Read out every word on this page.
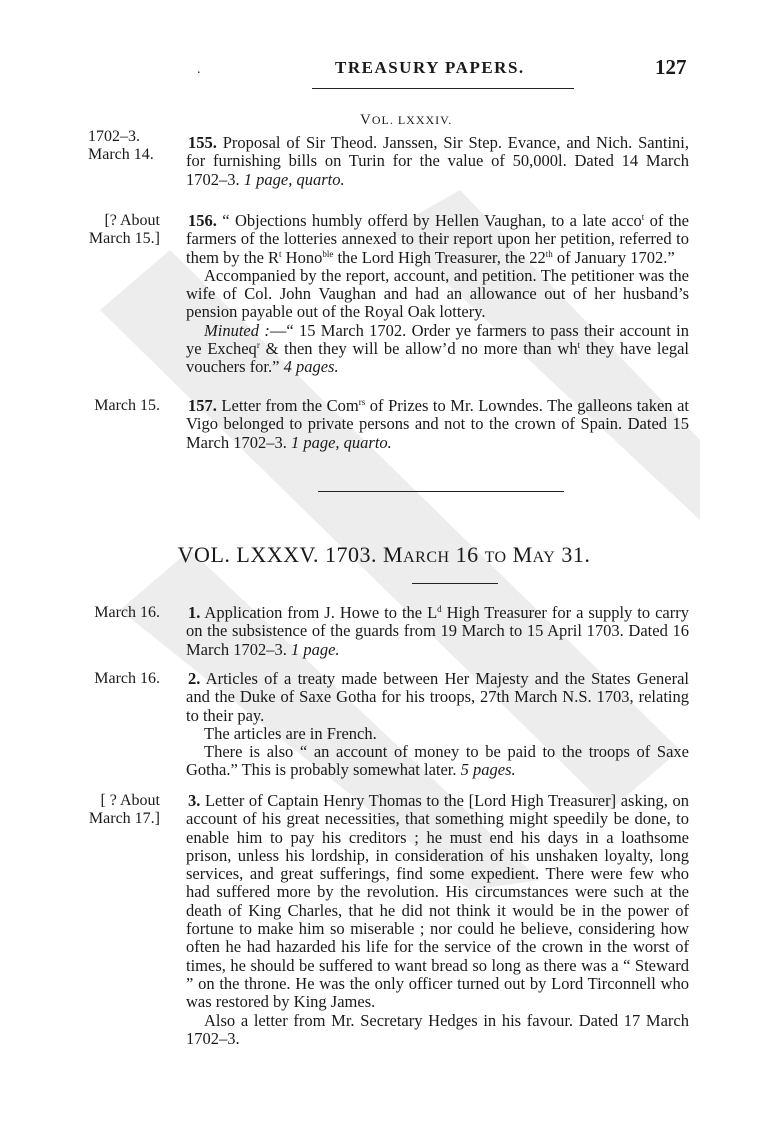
.	TREASURY PAPERS.	127
VOL. LXXXIV.
1702–3.
March 14.

155. Proposal of Sir Theod. Janssen, Sir Step. Evance, and Nich. Santini, for furnishing bills on Turin for the value of 50,000l. Dated 14 March 1702–3. 1 page, quarto.

[? About
March 15.]

156. “ Objections humbly offerd by Hellen Vaughan, to a late acco$^t$ of the farmers of the lotteries annexed to their report upon her petition, referred to them by the $R^t$ Hono$^{ble}$ the Lord High Treasurer, the 22th of January 1702.”

Accompanied by the report, account, and petition. The petitioner was the wife of Col. John Vaughan and had an allowance out of her husband’s pension payable out of the Royal Oak lottery.

Minuted :—“ 15 March 1702. Order ye farmers to pass their account in ye Excheq$^r$ & then they will be allow’d no more than $wh^t$ they have legal vouchers for.” 4 pages.

March 15. 157. Letter from the Com$^{rs}$ of Prizes to Mr. Lowndes. The galleons taken at Vigo belonged to private persons and not to the crown of Spain. Dated 15 March 1702–3. 1 page, quarto.

VOL. LXXXV. 1703. MARCH 16 TO MAY 31.
March 16. 1. Application from J. Howe to the $L^d$ High Treasurer for a supply to carry on the subsistence of the guards from 19 March to 15 April 1703. Dated 16 March 1702–3. 1 page.

March 16. 2. Articles of a treaty made between Her Majesty and the States General and the Duke of Saxe Gotha for his troops, 27th March N.S. 1703, relating to their pay.

The articles are in French.

There is also “ an account of money to be paid to the troops of Saxe Gotha.” This is probably somewhat later. 5 pages.

[ ? About
March 17.]

3. Letter of Captain Henry Thomas to the [Lord High Treasurer] asking, on account of his great necessities, that something might speedily be done, to enable him to pay his creditors ; he must end his days in a loathsome prison, unless his lordship, in consideration of his unshaken loyalty, long services, and great sufferings, find some expedient. There were few who had suffered more by the revolution. His circumstances were such at the death of King Charles, that he did not think it would be in the power of fortune to make him so miserable ; nor could he believe, considering how often he had hazarded his life for the service of the crown in the worst of times, he should be suffered to want bread so long as there was a “ Steward ” on the throne. He was the only officer turned out by Lord Tirconnell who was restored by King James.

Also a letter from Mr. Secretary Hedges in his favour. Dated 17 March 1702–3.
